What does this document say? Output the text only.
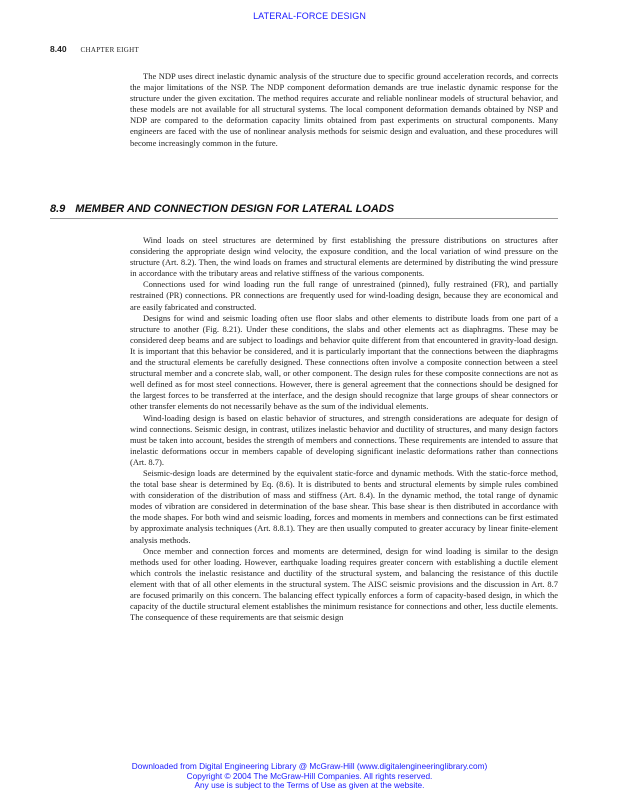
LATERAL-FORCE DESIGN
8.40 CHAPTER EIGHT

The NDP uses direct inelastic dynamic analysis of the structure due to specific ground acceleration records, and corrects the major limitations of the NSP. The NDP component deformation demands are true inelastic dynamic response for the structure under the given excitation. The method requires accurate and reliable nonlinear models of structural behavior, and these models are not available for all structural systems. The local component deformation demands obtained by NSP and NDP are compared to the deformation capacity limits obtained from past experiments on structural components. Many engineers are faced with the use of nonlinear analysis methods for seismic design and evaluation, and these procedures will become increasingly common in the future.

8.9 MEMBER AND CONNECTION DESIGN FOR LATERAL LOADS

Wind loads on steel structures are determined by first establishing the pressure distributions on structures after considering the appropriate design wind velocity, the exposure condition, and the local variation of wind pressure on the structure (Art. 8.2). Then, the wind loads on frames and structural elements are determined by distributing the wind pressure in accordance with the tributary areas and relative stiffness of the various components.

Connections used for wind loading run the full range of unrestrained (pinned), fully restrained (FR), and partially restrained (PR) connections. PR connections are frequently used for wind-loading design, because they are economical and are easily fabricated and constructed.

Designs for wind and seismic loading often use floor slabs and other elements to distribute loads from one part of a structure to another (Fig. 8.21). Under these conditions, the slabs and other elements act as diaphragms. These may be considered deep beams and are subject to loadings and behavior quite different from that encountered in gravity-load design. It is important that this behavior be considered, and it is particularly important that the connections between the diaphragms and the structural elements be carefully designed. These connections often involve a composite connection between a steel structural member and a concrete slab, wall, or other component. The design rules for these composite connections are not as well defined as for most steel connections. However, there is general agreement that the connections should be designed for the largest forces to be transferred at the interface, and the design should recognize that large groups of shear connectors or other transfer elements do not necessarily behave as the sum of the individual elements.

Wind-loading design is based on elastic behavior of structures, and strength considerations are adequate for design of wind connections. Seismic design, in contrast, utilizes inelastic behavior and ductility of structures, and many design factors must be taken into account, besides the strength of members and connections. These requirements are intended to assure that inelastic deformations occur in members capable of developing significant inelastic deformations rather than connections (Art. 8.7).

Seismic-design loads are determined by the equivalent static-force and dynamic methods. With the static-force method, the total base shear is determined by Eq. (8.6). It is distributed to bents and structural elements by simple rules combined with consideration of the distribution of mass and stiffness (Art. 8.4). In the dynamic method, the total range of dynamic modes of vibration are considered in determination of the base shear. This base shear is then distributed in accordance with the mode shapes. For both wind and seismic loading, forces and moments in members and connections can be first estimated by approximate analysis techniques (Art. 8.8.1). They are then usually computed to greater accuracy by linear finite-element analysis methods.

Once member and connection forces and moments are determined, design for wind loading is similar to the design methods used for other loading. However, earthquake loading requires greater concern with establishing a ductile element which controls the inelastic resistance and ductility of the structural system, and balancing the resistance of this ductile element with that of all other elements in the structural system. The AISC seismic provisions and the discussion in Art. 8.7 are focused primarily on this concern. The balancing effect typically enforces a form of capacity-based design, in which the capacity of the ductile structural element establishes the minimum resistance for connections and other, less ductile elements. The consequence of these requirements are that seismic design

Downloaded from Digital Engineering Library @ McGraw-Hill (www.digitalengineeringlibrary.com)
Copyright © 2004 The McGraw-Hill Companies. All rights reserved.
Any use is subject to the Terms of Use as given at the website.
